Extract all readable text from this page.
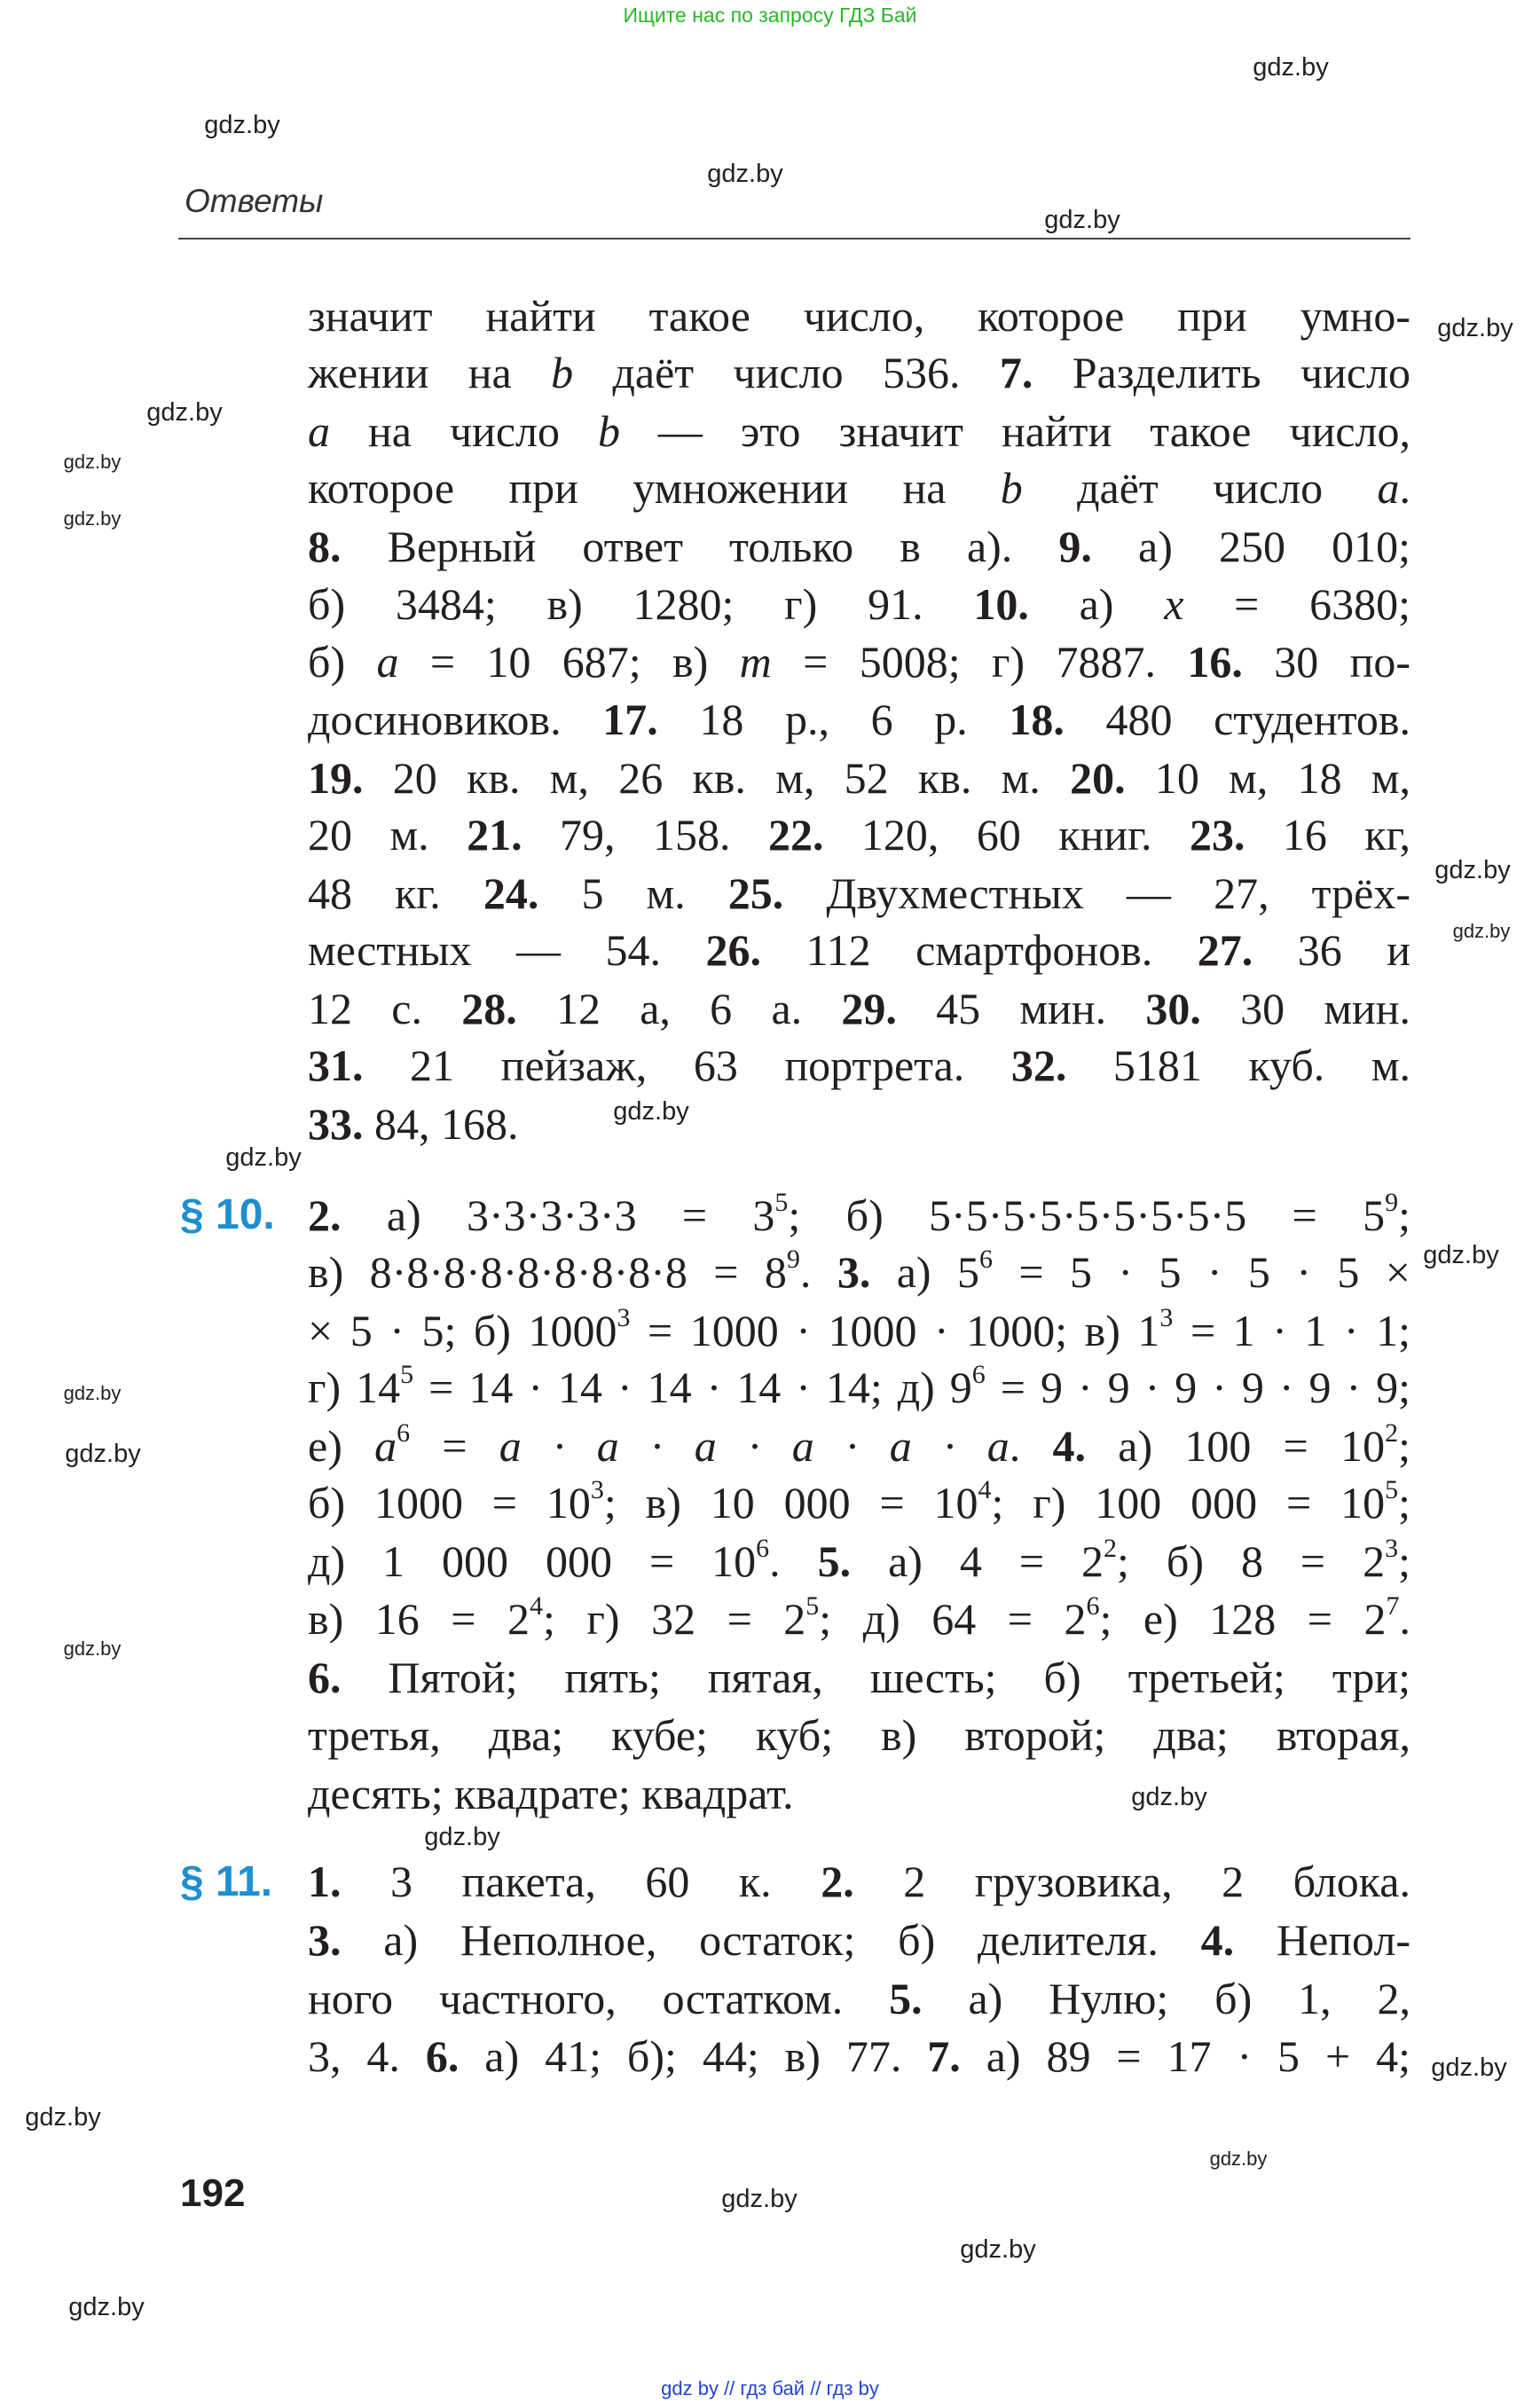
Ищите нас по запросу ГДЗ Бай
Ответы
значит найти такое число, которое при умно-
жении на b даёт число 536. 7. Разделить число
a на число b — это значит найти такое число,
которое при умножении на b даёт число a.
8. Верный ответ только в а). 9. а) 250 010;
б) 3484; в) 1280; г) 91. 10. а) x = 6380;
б) a = 10 687; в) m = 5008; г) 7887. 16. 30 по-
досиновиков. 17. 18 р., 6 р. 18. 480 студентов.
19. 20 кв. м, 26 кв. м, 52 кв. м. 20. 10 м, 18 м,
20 м. 21. 79, 158. 22. 120, 60 книг. 23. 16 кг,
48 кг. 24. 5 м. 25. Двухместных — 27, трёх-
местных — 54. 26. 112 смартфонов. 27. 36 и
12 с. 28. 12 а, 6 а. 29. 45 мин. 30. 30 мин.
31. 21 пейзаж, 63 портрета. 32. 5181 куб. м.
33. 84, 168.
2. а) $3\cdot 3\cdot 3\cdot 3\cdot 3 = 3^5$; б) $5\cdot 5\cdot 5\cdot 5\cdot 5\cdot 5\cdot 5\cdot 5\cdot 5 = 5^9$;
в) $8\cdot 8\cdot 8\cdot 8\cdot 8\cdot 8\cdot 8\cdot 8\cdot 8 = 8^9$. 3. а) $5^6 = 5 \cdot 5 \cdot 5 \cdot 5$ ×
× 5 · 5; б) $1000^3 = 1000 \cdot 1000 \cdot 1000$; в) $1^3 = 1 \cdot 1 \cdot 1$;
г) $14^5 = 14 \cdot 14 \cdot 14 \cdot 14 \cdot 14$; д) $9^6 = 9 \cdot 9 \cdot 9 \cdot 9 \cdot 9 \cdot 9$;
е) $a^6 = a \cdot a \cdot a \cdot a \cdot a \cdot a$. 4. а) $100 = 10^2$;
б) $1000 = 10^3$; в) 10 $000 = 10^4$; г) 100 $000 = 10^5$;
д) 1 000 $000 = 10^6$. 5. а) $4 = 2^2$; б) $8 = 2^3$;
в) $16 = 2^4$; г) $32 = 2^5$; д) $64 = 2^6$; е) $128 = 2^7$.
6. Пятой; пять; пятая, шесть; б) третьей; три;
третья, два; кубе; куб; в) второй; два; вторая,
десять; квадрате; квадрат.
1. 3 пакета, 60 к. 2. 2 грузовика, 2 блока.
3. а) Неполное, остаток; б) делителя. 4. Непол-
ного частного, остатком. 5. а) Нулю; б) 1, 2,
3, 4. 6. а) 41; б); 44; в) 77. 7. а) 89 = 17 · 5 + 4;
§ 10.
§ 11.
192
gdz.by
gdz.by
gdz.by
gdz.by
gdz.by
gdz.by
gdz.by
gdz.by
gdz.by
gdz.by
gdz.by
gdz.by
gdz.by
gdz.by
gdz.by
gdz.by
gdz.by
gdz.by
gdz.by
gdz.by
gdz.by
gdz.by
gdz.by
gdz.by
gdz by // гдз бай // гдз by
